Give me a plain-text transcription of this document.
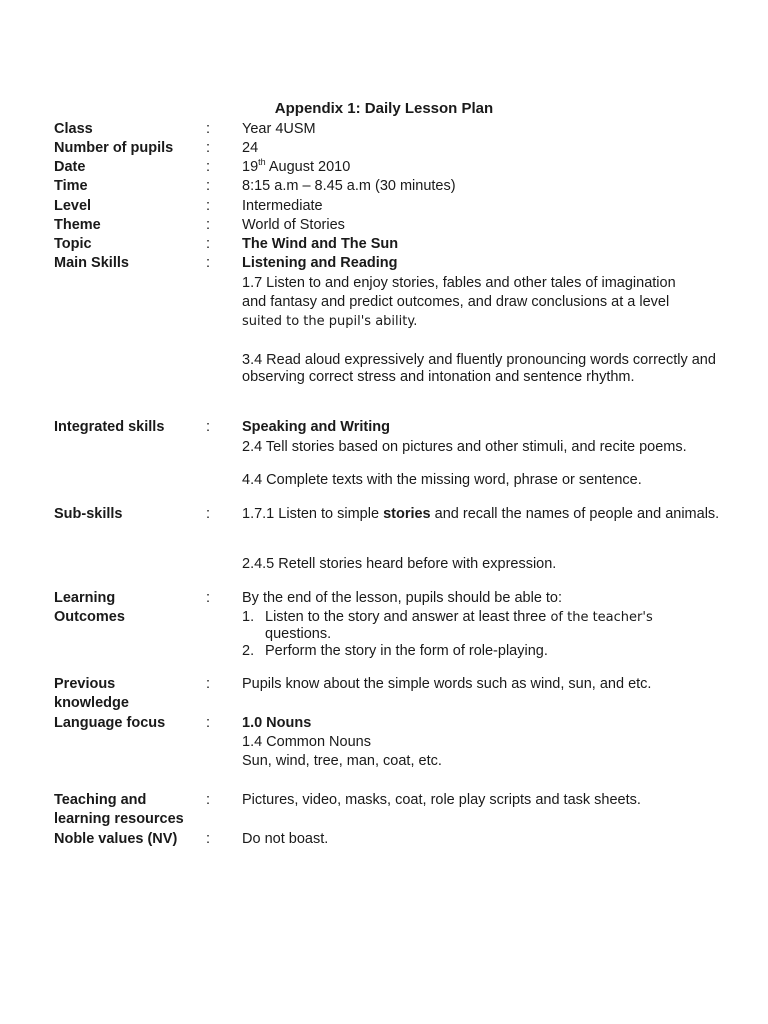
Appendix 1: Daily Lesson Plan
Class	: Year 4USM
Number of pupils	: 24
Date	: 19th August 2010
Time	: 8:15 a.m – 8.45 a.m (30 minutes)
Level	: Intermediate
Theme	: World of Stories
Topic	: The Wind and The Sun
Main Skills	: Listening and Reading
1.7 Listen to and enjoy stories, fables and other tales of imagination
and fantasy and predict outcomes, and draw conclusions at a level
suited to the pupil's ability.
3.4 Read aloud expressively and fluently pronouncing words correctly and observing correct stress and intonation and sentence rhythm.
Integrated skills	: Speaking and Writing
2.4 Tell stories based on pictures and other stimuli, and recite poems.
4.4 Complete texts with the missing word, phrase or sentence.
Sub-skills	: 1.7.1 Listen to simple stories and recall the names of people and animals.
2.4.5 Retell stories heard before with expression.
Learning	: By the end of the lesson, pupils should be able to:
Outcomes	1. Listen to the story and answer at least three of the teacher's
questions.
2. Perform the story in the form of role-playing.
Previous	: Pupils know about the simple words such as wind, sun, and etc.
knowledge
Language focus	: 1.0 Nouns
1.4 Common Nouns
Sun, wind, tree, man, coat, etc.
Teaching and	: Pictures, video, masks, coat, role play scripts and task sheets.
learning resources
Noble values (NV)	: Do not boast.
